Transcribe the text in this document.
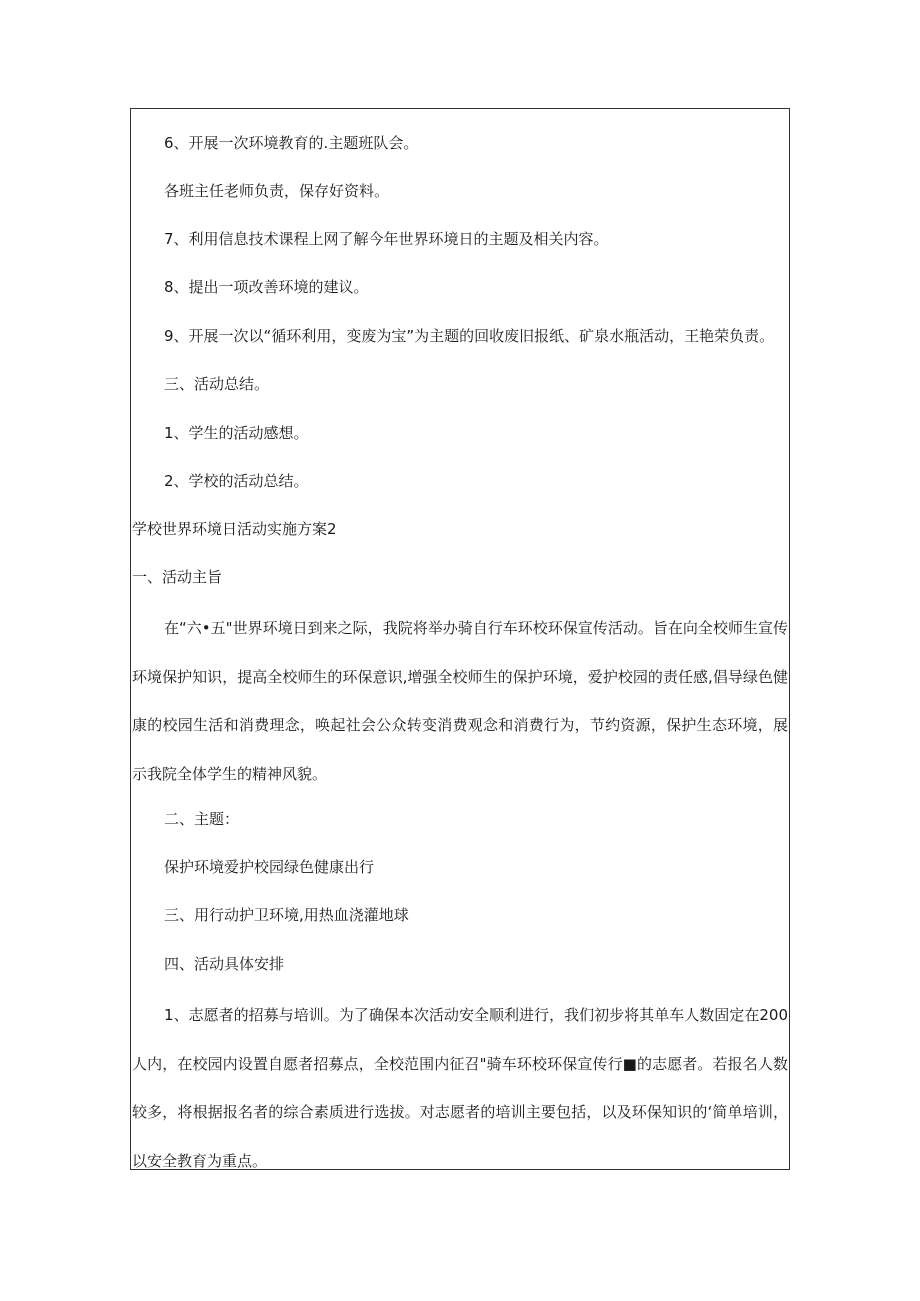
6、开展一次环境教育的.主题班队会。
各班主任老师负责，保存好资料。
7、利用信息技术课程上网了解今年世界环境日的主题及相关内容。
8、提出一项改善环境的建议。
9、开展一次以“循环利用，变废为宝”为主题的回收废旧报纸、矿泉水瓶活动，王艳荣负责。
三、活动总结。
1、学生的活动感想。
2、学校的活动总结。
学校世界环境日活动实施方案2
一、活动主旨

在“六•五"世界环境日到来之际，我院将举办骑自行车环校环保宣传活动。旨在向全校师生宣传环境保护知识，提高全校师生的环保意识,增强全校师生的保护环境，爱护校园的责任感,倡导绿色健康的校园生活和消费理念，唤起社会公众转变消费观念和消费行为，节约资源，保护生态环境，展示我院全体学生的精神风貌。

二、主题：
保护环境爱护校园绿色健康出行
三、用行动护卫环境,用热血浇灌地球
四、活动具体安排

1、志愿者的招募与培训。为了确保本次活动安全顺利进行，我们初步将其单车人数固定在200人内，在校园内设置自愿者招募点，全校范围内征召"骑车环校环保宣传行■的志愿者。若报名人数较多，将根据报名者的综合素质进行选拔。对志愿者的培训主要包括，以及环保知识的‘简单培训，以安全教育为重点。
